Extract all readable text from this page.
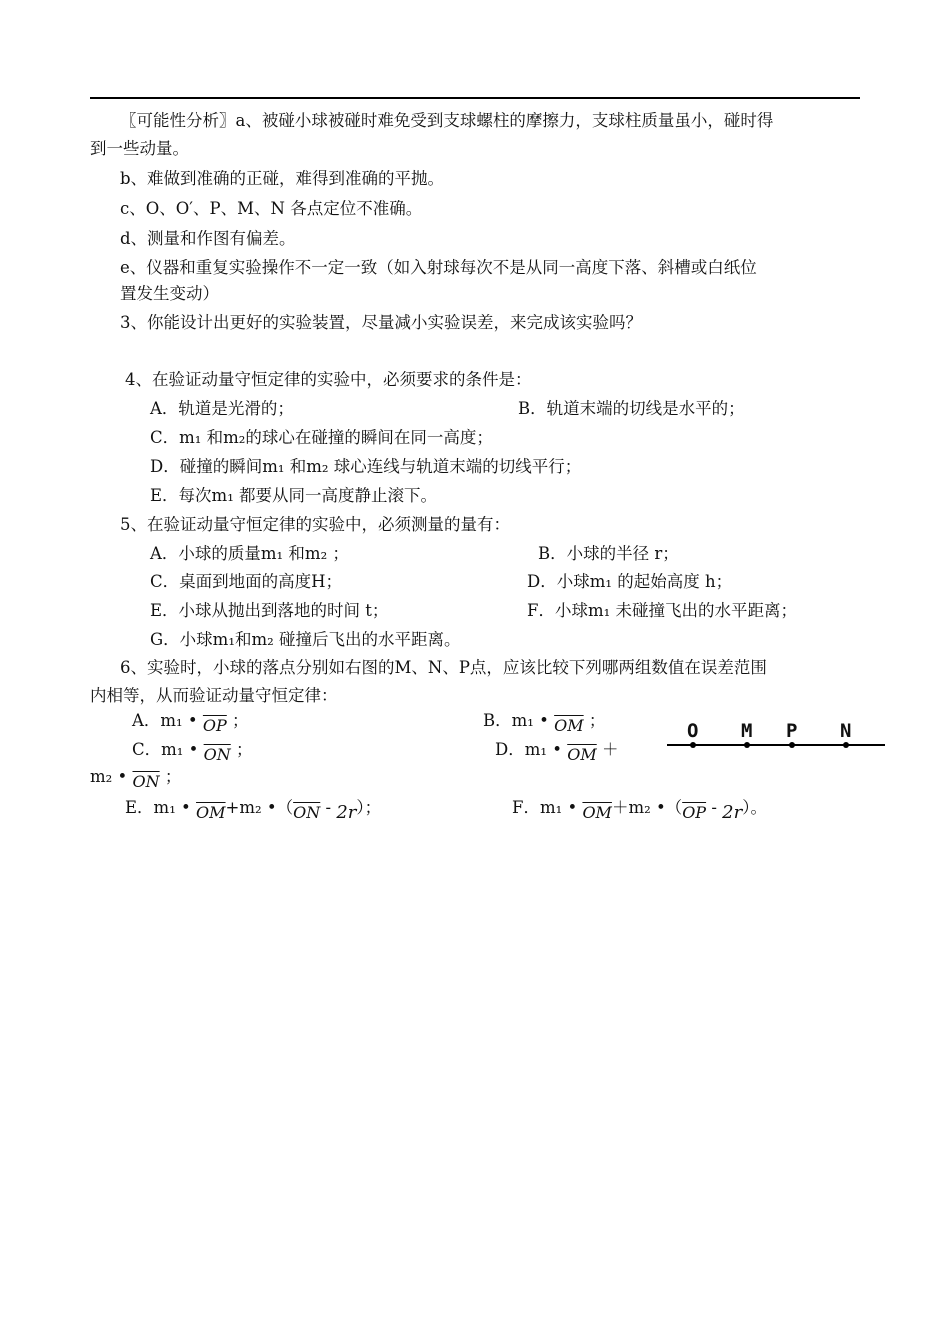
〖可能性分析〗a、被碰小球被碰时难免受到支球螺柱的摩擦力，支球柱质量虽小，碰时得
到一些动量。
b、难做到准确的正碰，难得到准确的平抛。
c、O、O′、P、M、N 各点定位不准确。
d、测量和作图有偏差。
e、仪器和重复实验操作不一定一致（如入射球每次不是从同一高度下落、斜槽或白纸位
置发生变动）
3、你能设计出更好的实验装置，尽量减小实验误差，来完成该实验吗？
4、在验证动量守恒定律的实验中，必须要求的条件是：
A．轨道是光滑的；	B．轨道末端的切线是水平的；
C．m₁ 和m₂的球心在碰撞的瞬间在同一高度；
D．碰撞的瞬间m₁ 和m₂ 球心连线与轨道末端的切线平行；
E．每次m₁ 都要从同一高度静止滚下。
5、在验证动量守恒定律的实验中，必须测量的量有：
A．小球的质量m₁ 和m₂ ；	B．小球的半径 r；
C．桌面到地面的高度H；	D．小球m₁ 的起始高度 h；
E．小球从抛出到落地的时间 t；	F．小球m₁ 未碰撞飞出的水平距离；
G．小球m₁和m₂ 碰撞后飞出的水平距离。
6、实验时，小球的落点分别如右图的M、N、P点，应该比较下列哪两组数值在误差范围
内相等，从而验证动量守恒定律：
A．m₁ • $\overline{OP}$ ；	B．m₁ • $\overline{OM}$ ；
C．m₁ • $\overline{ON}$ ；	D．m₁ • $\overline{OM}$ ＋
m₂ • $\overline{ON}$ ；
E．m₁ • $\overline{OM}+m_2$ $•(\overline{ON} - 2r)$；	F．m₁ • $\overline{OM}+m_2$ $•(\overline{OP} - 2r)$。
O M P N
